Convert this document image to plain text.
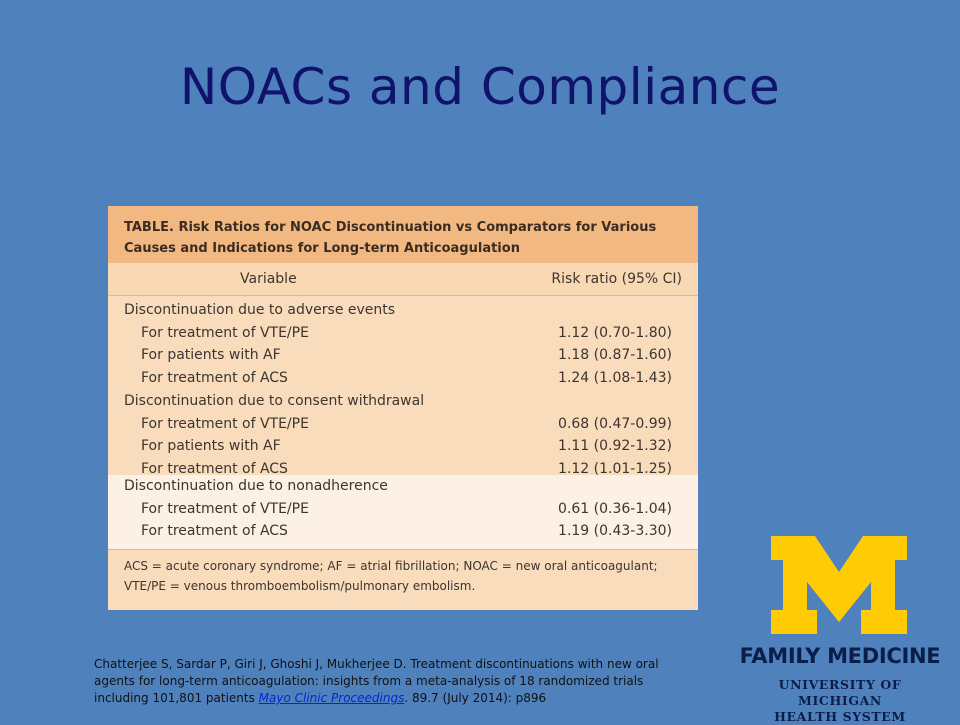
NOACs and Compliance
TABLE. Risk Ratios for NOAC Discontinuation vs Comparators for Various Causes and Indications for Long-term Anticoagulation
Variable	Risk ratio (95% CI)
Discontinuation due to adverse events
For treatment of VTE/PE	1.12 (0.70-1.80)
For patients with AF	1.18 (0.87-1.60)
For treatment of ACS	1.24 (1.08-1.43)
Discontinuation due to consent withdrawal
For treatment of VTE/PE	0.68 (0.47-0.99)
For patients with AF	1.11 (0.92-1.32)
For treatment of ACS	1.12 (1.01-1.25)
Discontinuation due to nonadherence
For treatment of VTE/PE	0.61 (0.36-1.04)
For treatment of ACS	1.19 (0.43-3.30)
ACS = acute coronary syndrome; AF = atrial fibrillation; NOAC = new oral anticoagulant; VTE/PE = venous thromboembolism/pulmonary embolism.
Chatterjee S, Sardar P, Giri J, Ghoshi J, Mukherjee D. Treatment discontinuations with new oral agents for long-term anticoagulation: insights from a meta-analysis of 18 randomized trials including 101,801 patients Mayo Clinic Proceedings. 89.7 (July 2014): p896
FAMILY MEDICINE
UNIVERSITY OF MICHIGAN
HEALTH SYSTEM
